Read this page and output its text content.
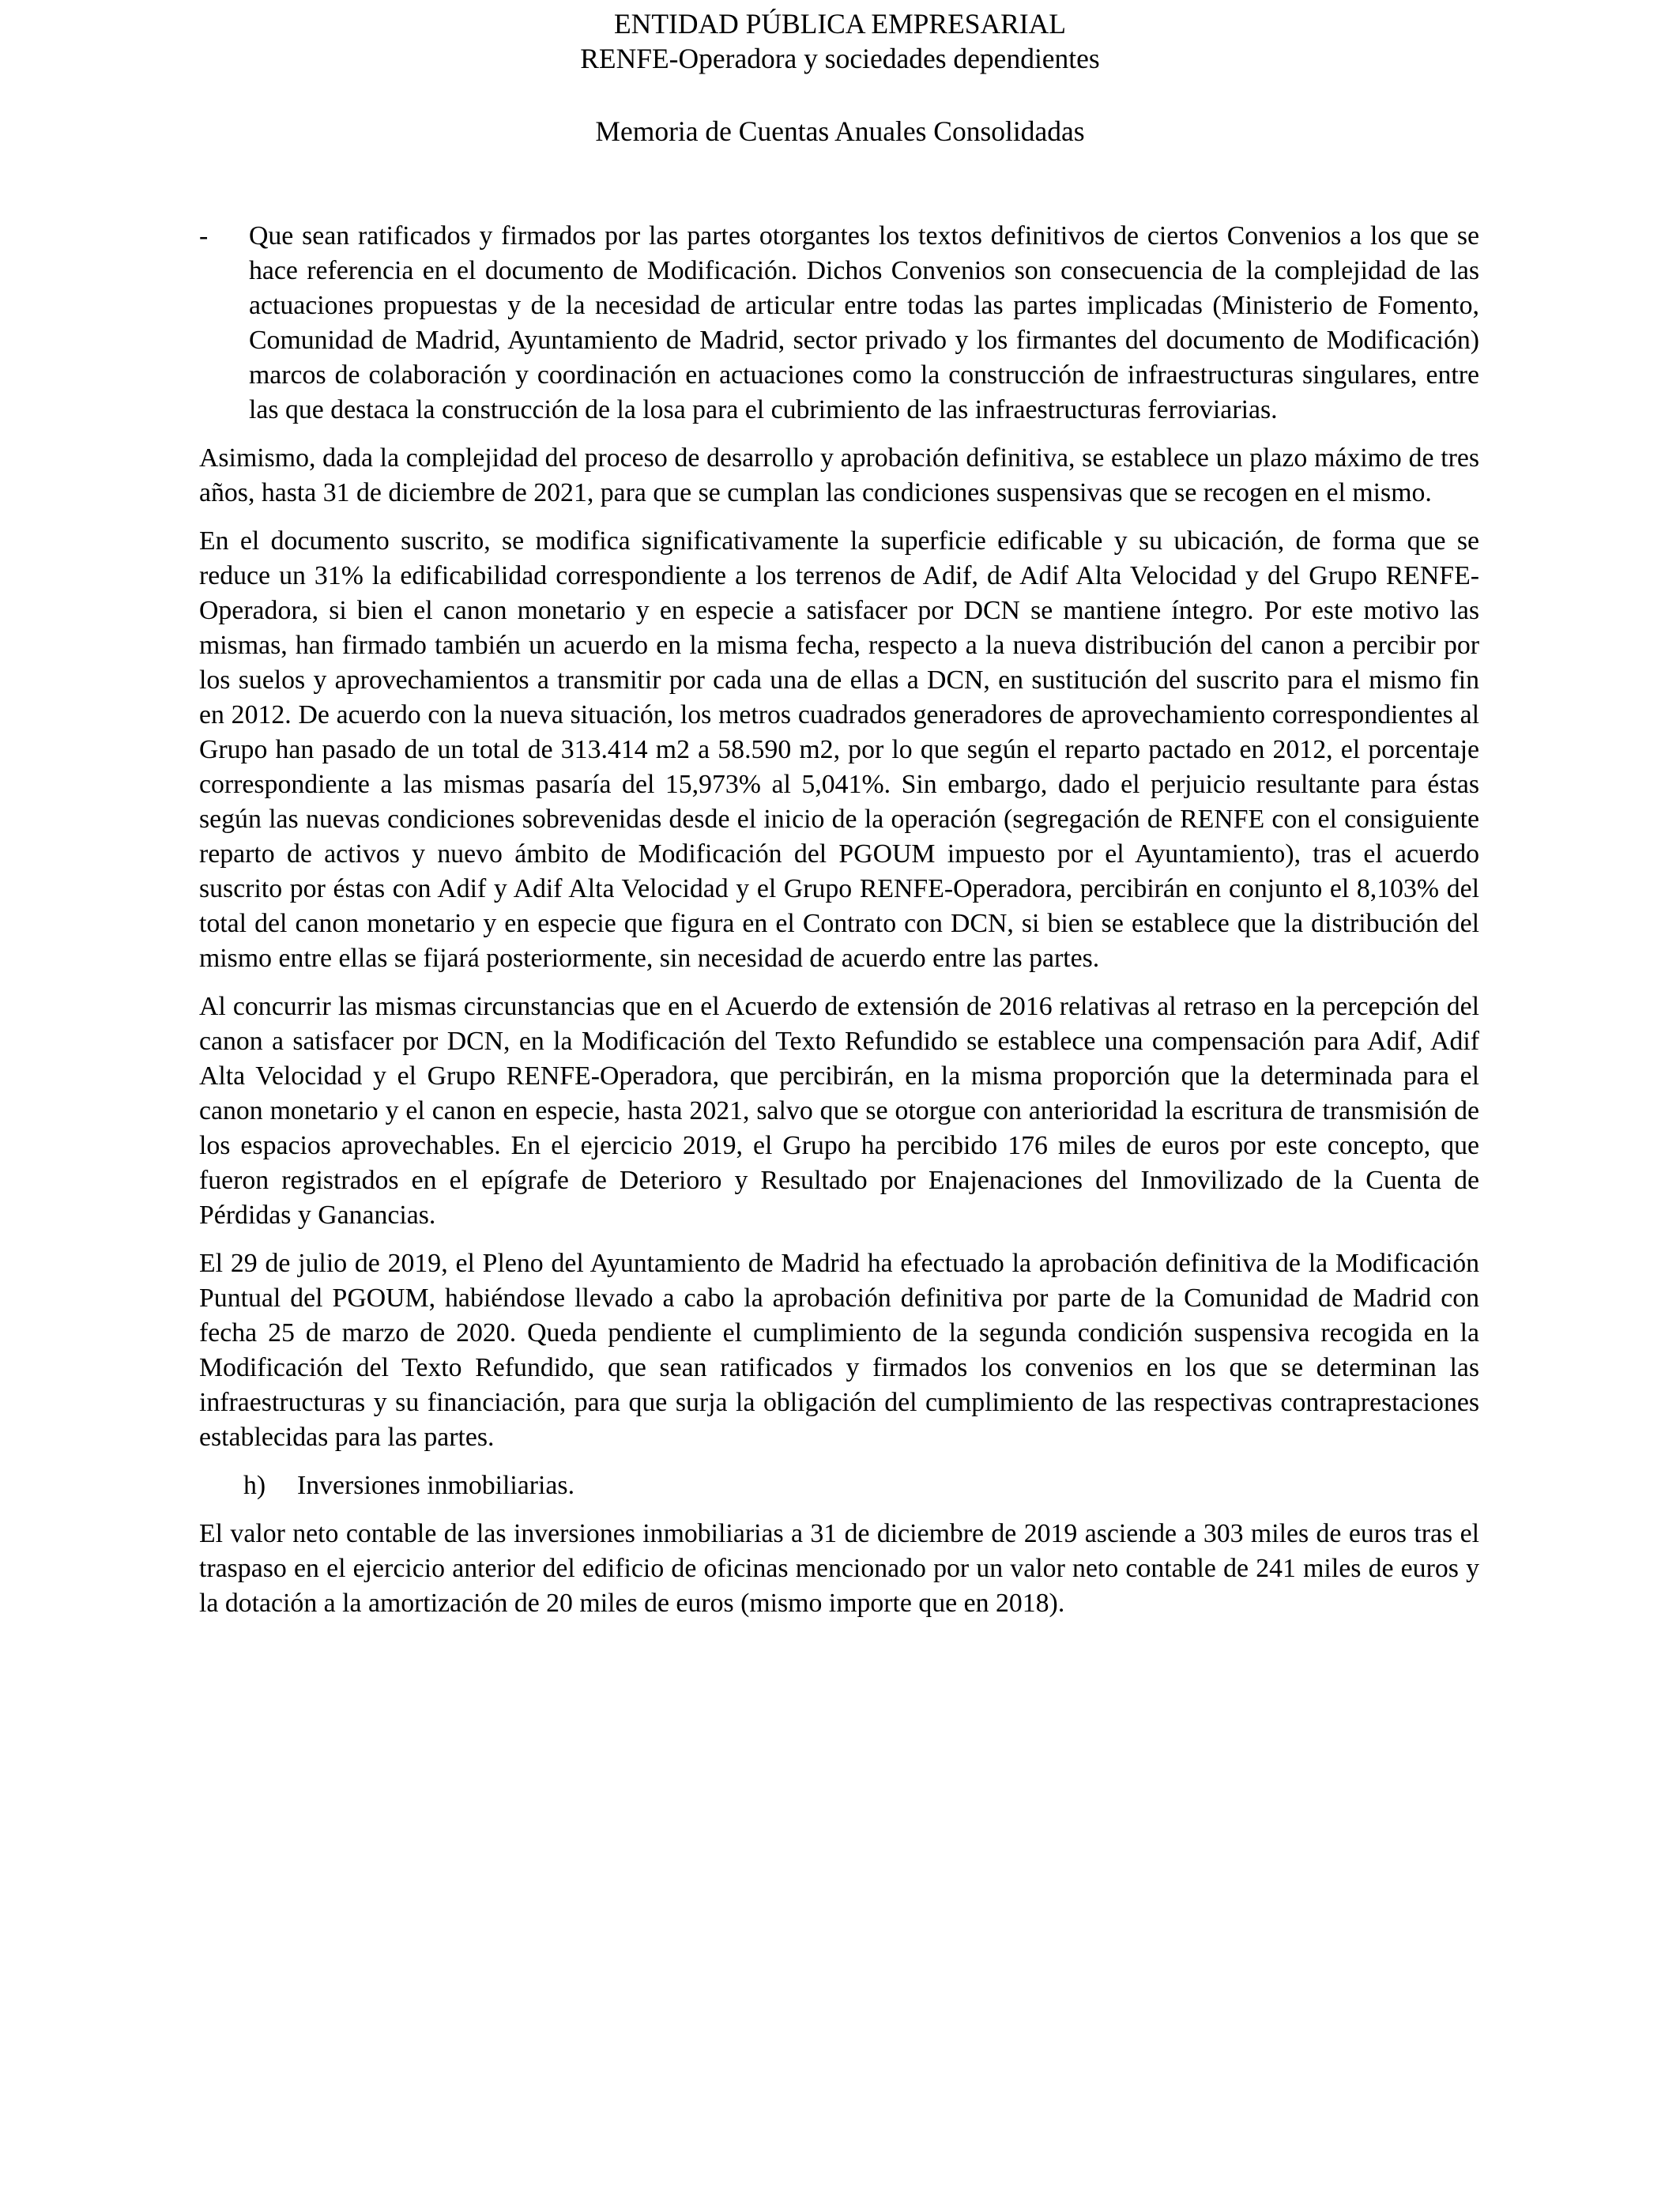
ENTIDAD PÚBLICA EMPRESARIAL
RENFE-Operadora y sociedades dependientes
Memoria de Cuentas Anuales Consolidadas
- Que sean ratificados y firmados por las partes otorgantes los textos definitivos de ciertos Convenios a los que se hace referencia en el documento de Modificación. Dichos Convenios son consecuencia de la complejidad de las actuaciones propuestas y de la necesidad de articular entre todas las partes implicadas (Ministerio de Fomento, Comunidad de Madrid, Ayuntamiento de Madrid, sector privado y los firmantes del documento de Modificación) marcos de colaboración y coordinación en actuaciones como la construcción de infraestructuras singulares, entre las que destaca la construcción de la losa para el cubrimiento de las infraestructuras ferroviarias.

Asimismo, dada la complejidad del proceso de desarrollo y aprobación definitiva, se establece un plazo máximo de tres años, hasta 31 de diciembre de 2021, para que se cumplan las condiciones suspensivas que se recogen en el mismo.

En el documento suscrito, se modifica significativamente la superficie edificable y su ubicación, de forma que se reduce un 31% la edificabilidad correspondiente a los terrenos de Adif, de Adif Alta Velocidad y del Grupo RENFE-Operadora, si bien el canon monetario y en especie a satisfacer por DCN se mantiene íntegro. Por este motivo las mismas, han firmado también un acuerdo en la misma fecha, respecto a la nueva distribución del canon a percibir por los suelos y aprovechamientos a transmitir por cada una de ellas a DCN, en sustitución del suscrito para el mismo fin en 2012. De acuerdo con la nueva situación, los metros cuadrados generadores de aprovechamiento correspondientes al Grupo han pasado de un total de 313.414 m2 a 58.590 m2, por lo que según el reparto pactado en 2012, el porcentaje correspondiente a las mismas pasaría del 15,973% al 5,041%. Sin embargo, dado el perjuicio resultante para éstas según las nuevas condiciones sobrevenidas desde el inicio de la operación (segregación de RENFE con el consiguiente reparto de activos y nuevo ámbito de Modificación del PGOUM impuesto por el Ayuntamiento), tras el acuerdo suscrito por éstas con Adif y Adif Alta Velocidad y el Grupo RENFE-Operadora, percibirán en conjunto el 8,103% del total del canon monetario y en especie que figura en el Contrato con DCN, si bien se establece que la distribución del mismo entre ellas se fijará posteriormente, sin necesidad de acuerdo entre las partes.

Al concurrir las mismas circunstancias que en el Acuerdo de extensión de 2016 relativas al retraso en la percepción del canon a satisfacer por DCN, en la Modificación del Texto Refundido se establece una compensación para Adif, Adif Alta Velocidad y el Grupo RENFE-Operadora, que percibirán, en la misma proporción que la determinada para el canon monetario y el canon en especie, hasta 2021, salvo que se otorgue con anterioridad la escritura de transmisión de los espacios aprovechables. En el ejercicio 2019, el Grupo ha percibido 176 miles de euros por este concepto, que fueron registrados en el epígrafe de Deterioro y Resultado por Enajenaciones del Inmovilizado de la Cuenta de Pérdidas y Ganancias.

El 29 de julio de 2019, el Pleno del Ayuntamiento de Madrid ha efectuado la aprobación definitiva de la Modificación Puntual del PGOUM, habiéndose llevado a cabo la aprobación definitiva por parte de la Comunidad de Madrid con fecha 25 de marzo de 2020. Queda pendiente el cumplimiento de la segunda condición suspensiva recogida en la Modificación del Texto Refundido, que sean ratificados y firmados los convenios en los que se determinan las infraestructuras y su financiación, para que surja la obligación del cumplimiento de las respectivas contraprestaciones establecidas para las partes.

h) Inversiones inmobiliarias.

El valor neto contable de las inversiones inmobiliarias a 31 de diciembre de 2019 asciende a 303 miles de euros tras el traspaso en el ejercicio anterior del edificio de oficinas mencionado por un valor neto contable de 241 miles de euros y la dotación a la amortización de 20 miles de euros (mismo importe que en 2018).
